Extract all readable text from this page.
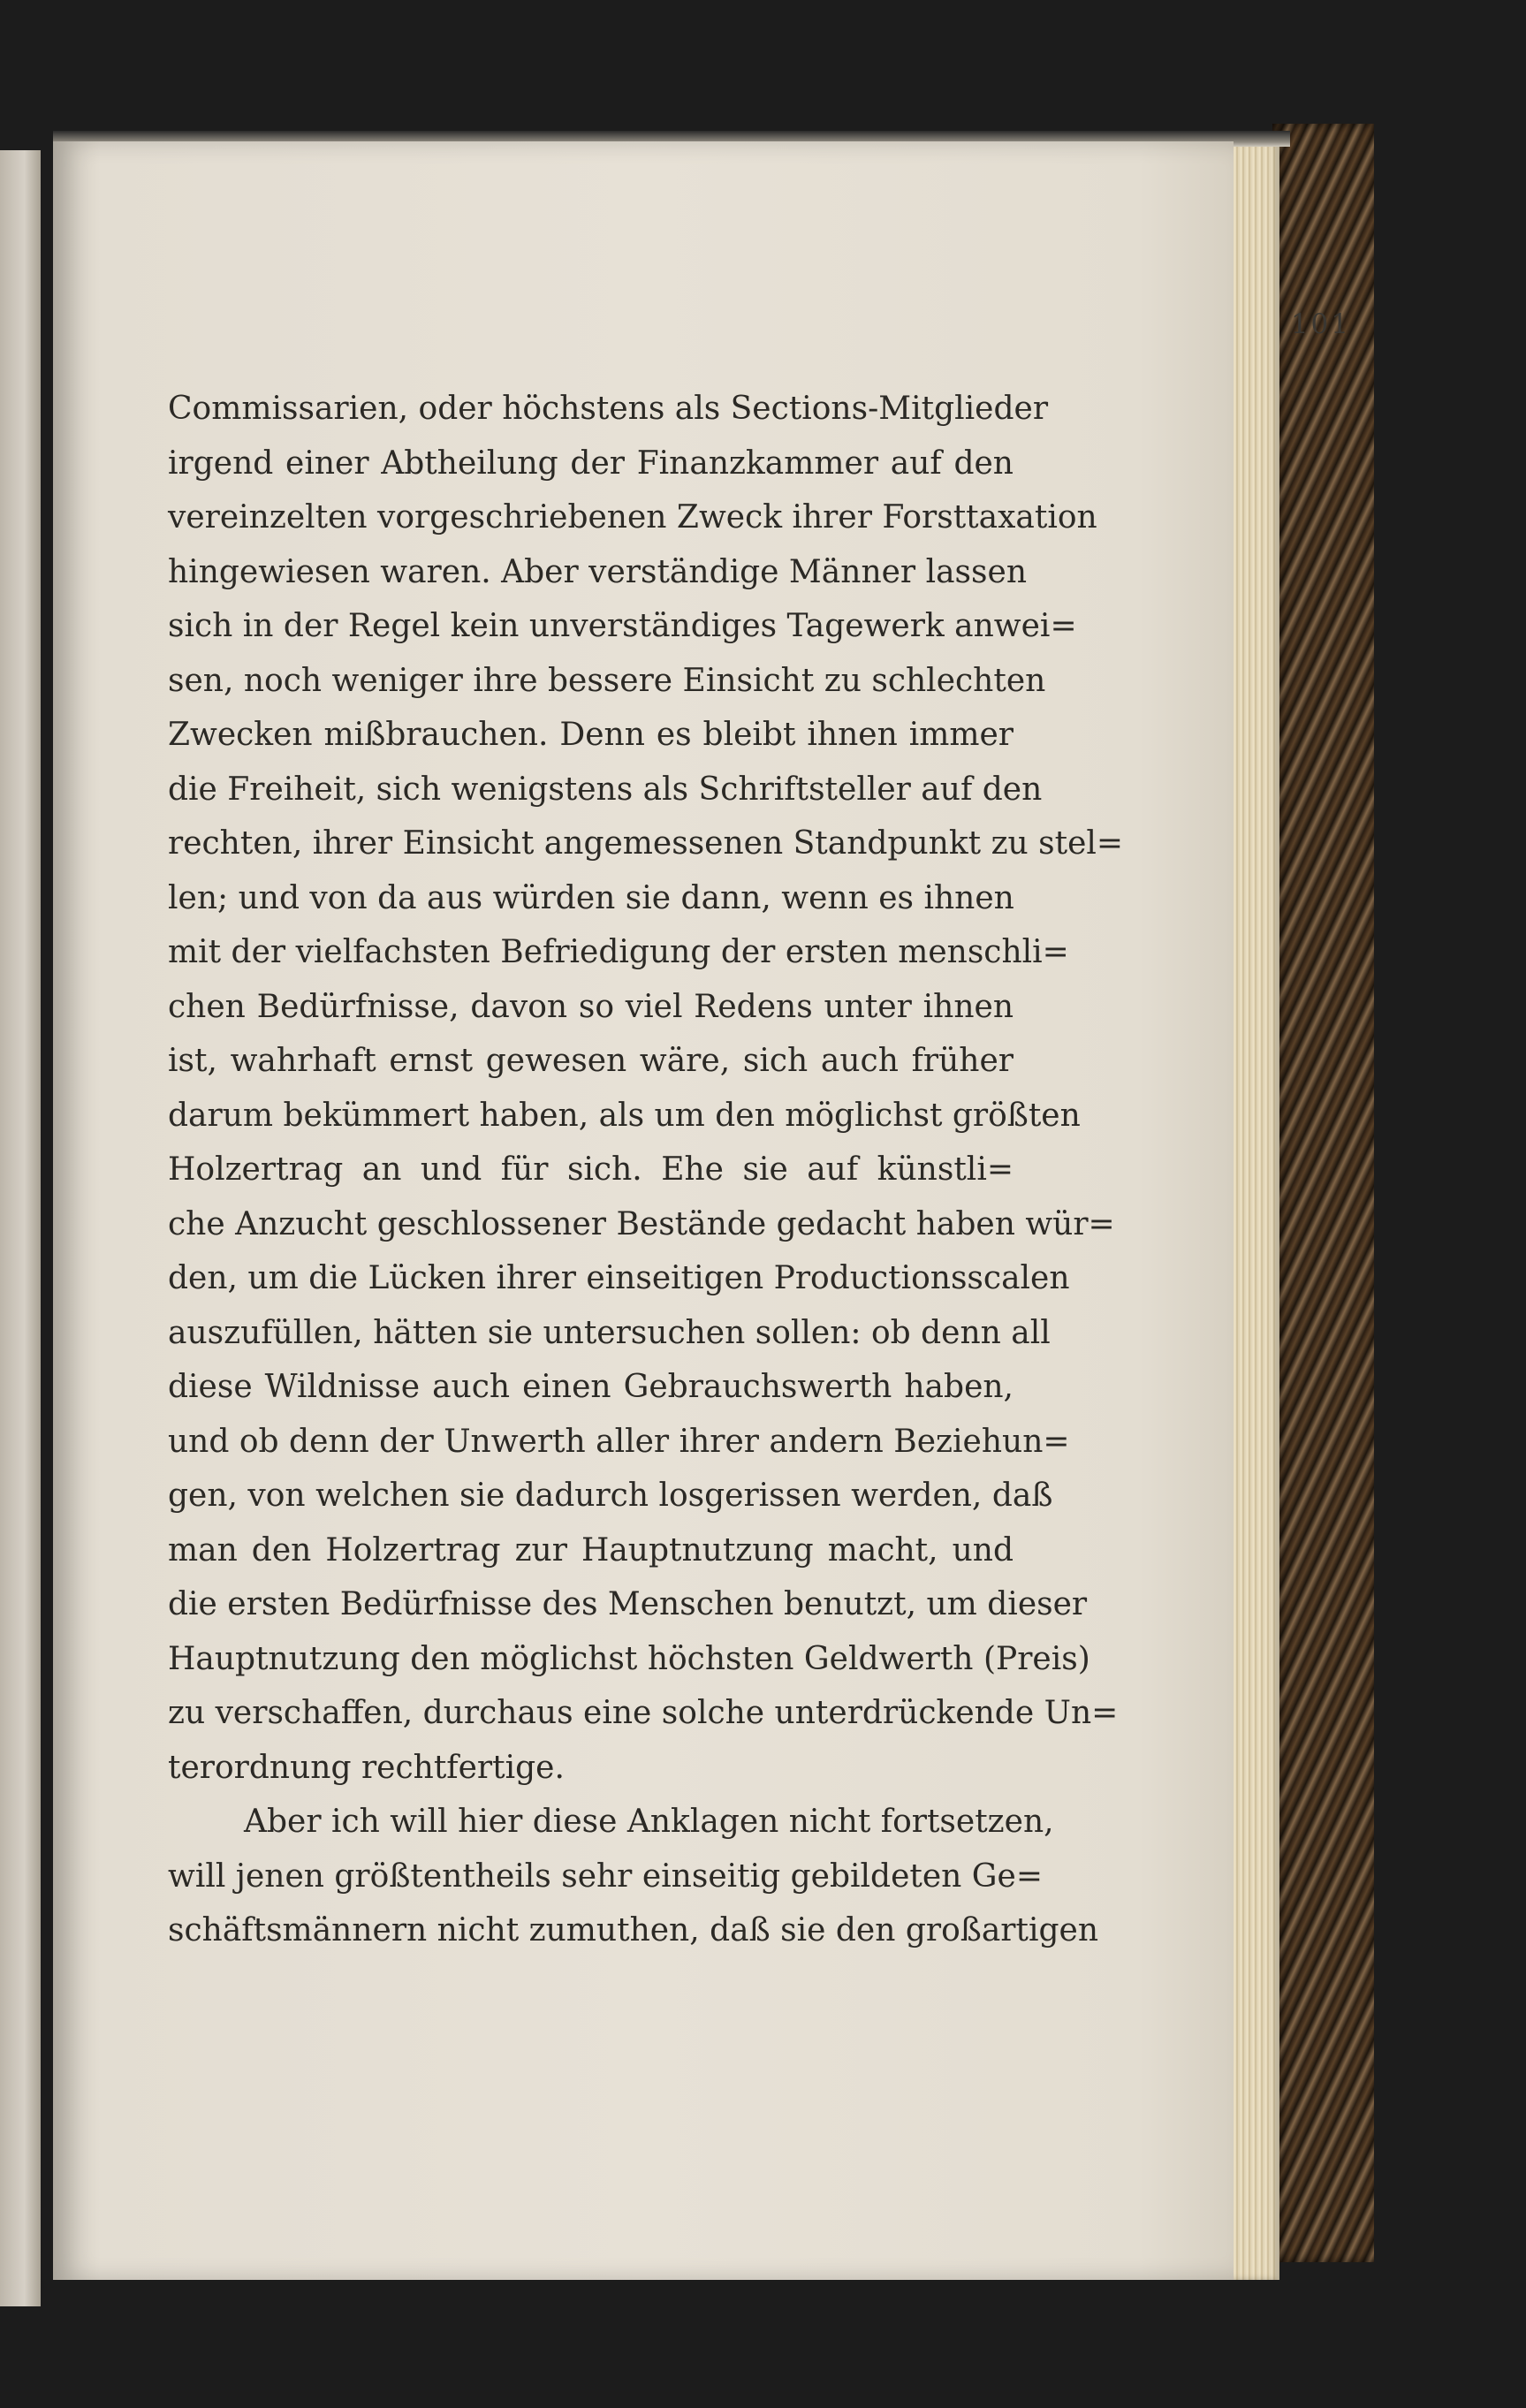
101
Commissarien, oder höchstens als Sections-Mitglieder
irgend einer Abtheilung der Finanzkammer auf den
vereinzelten vorgeschriebenen Zweck ihrer Forsttaxation
hingewiesen waren. Aber verständige Männer lassen
sich in der Regel kein unverständiges Tagewerk anwei=
sen, noch weniger ihre bessere Einsicht zu schlechten
Zwecken mißbrauchen. Denn es bleibt ihnen immer
die Freiheit, sich wenigstens als Schriftsteller auf den
rechten, ihrer Einsicht angemessenen Standpunkt zu stel=
len; und von da aus würden sie dann, wenn es ihnen
mit der vielfachsten Befriedigung der ersten menschli=
chen Bedürfnisse, davon so viel Redens unter ihnen
ist, wahrhaft ernst gewesen wäre, sich auch früher
darum bekümmert haben, als um den möglichst größten
Holzertrag an und für sich. Ehe sie auf künstli=
che Anzucht geschlossener Bestände gedacht haben wür=
den, um die Lücken ihrer einseitigen Productionsscalen
auszufüllen, hätten sie untersuchen sollen: ob denn all
diese Wildnisse auch einen Gebrauchswerth haben,
und ob denn der Unwerth aller ihrer andern Beziehun=
gen, von welchen sie dadurch losgerissen werden, daß
man den Holzertrag zur Hauptnutzung macht, und
die ersten Bedürfnisse des Menschen benutzt, um dieser
Hauptnutzung den möglichst höchsten Geldwerth (Preis)
zu verschaffen, durchaus eine solche unterdrückende Un=
terordnung rechtfertige.
Aber ich will hier diese Anklagen nicht fortsetzen,
will jenen größtentheils sehr einseitig gebildeten Ge=
schäftsmännern nicht zumuthen, daß sie den großartigen
